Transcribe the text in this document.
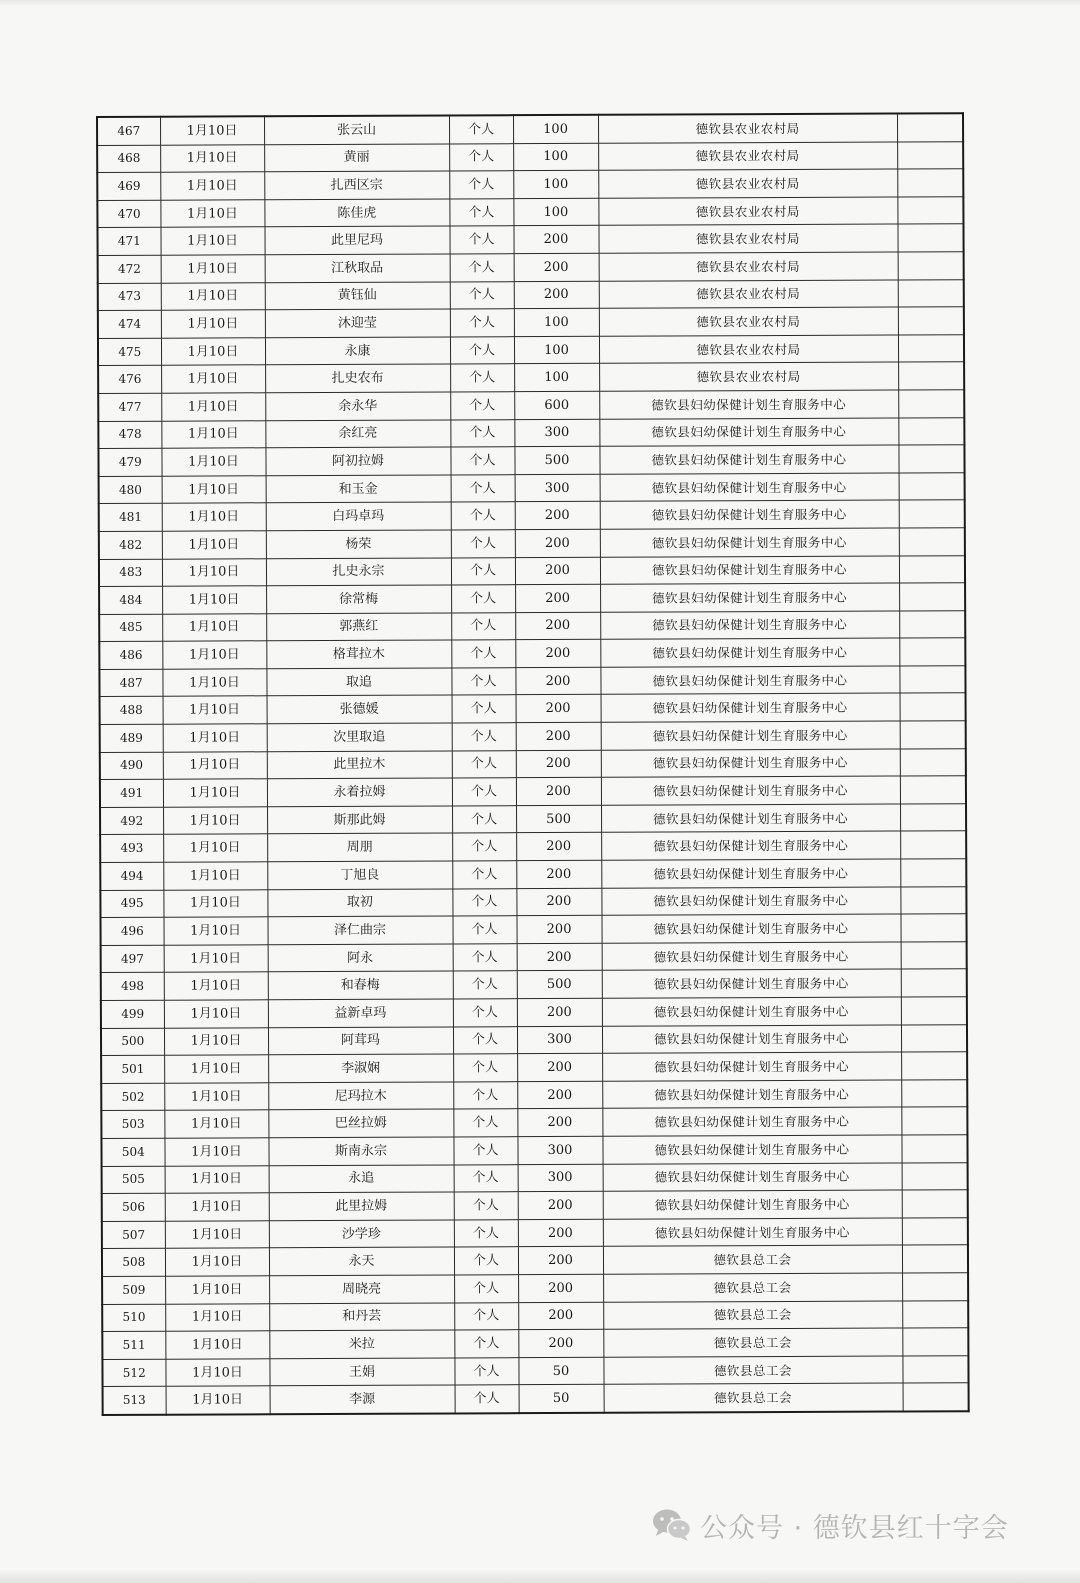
467	1月10日	张云山	个人	100	德钦县农业农村局	
468	1月10日	黄丽	个人	100	德钦县农业农村局	
469	1月10日	扎西区宗	个人	100	德钦县农业农村局	
470	1月10日	陈佳虎	个人	100	德钦县农业农村局	
471	1月10日	此里尼玛	个人	200	德钦县农业农村局	
472	1月10日	江秋取品	个人	200	德钦县农业农村局	
473	1月10日	黄钰仙	个人	200	德钦县农业农村局	
474	1月10日	沐迎莹	个人	100	德钦县农业农村局	
475	1月10日	永康	个人	100	德钦县农业农村局	
476	1月10日	扎史农布	个人	100	德钦县农业农村局	
477	1月10日	余永华	个人	600	德钦县妇幼保健计划生育服务中心	
478	1月10日	余红亮	个人	300	德钦县妇幼保健计划生育服务中心	
479	1月10日	阿初拉姆	个人	500	德钦县妇幼保健计划生育服务中心	
480	1月10日	和玉金	个人	300	德钦县妇幼保健计划生育服务中心	
481	1月10日	白玛卓玛	个人	200	德钦县妇幼保健计划生育服务中心	
482	1月10日	杨荣	个人	200	德钦县妇幼保健计划生育服务中心	
483	1月10日	扎史永宗	个人	200	德钦县妇幼保健计划生育服务中心	
484	1月10日	徐常梅	个人	200	德钦县妇幼保健计划生育服务中心	
485	1月10日	郭燕红	个人	200	德钦县妇幼保健计划生育服务中心	
486	1月10日	格茸拉木	个人	200	德钦县妇幼保健计划生育服务中心	
487	1月10日	取追	个人	200	德钦县妇幼保健计划生育服务中心	
488	1月10日	张德媛	个人	200	德钦县妇幼保健计划生育服务中心	
489	1月10日	次里取追	个人	200	德钦县妇幼保健计划生育服务中心	
490	1月10日	此里拉木	个人	200	德钦县妇幼保健计划生育服务中心	
491	1月10日	永着拉姆	个人	200	德钦县妇幼保健计划生育服务中心	
492	1月10日	斯那此姆	个人	500	德钦县妇幼保健计划生育服务中心	
493	1月10日	周朋	个人	200	德钦县妇幼保健计划生育服务中心	
494	1月10日	丁旭良	个人	200	德钦县妇幼保健计划生育服务中心	
495	1月10日	取初	个人	200	德钦县妇幼保健计划生育服务中心	
496	1月10日	泽仁曲宗	个人	200	德钦县妇幼保健计划生育服务中心	
497	1月10日	阿永	个人	200	德钦县妇幼保健计划生育服务中心	
498	1月10日	和春梅	个人	500	德钦县妇幼保健计划生育服务中心	
499	1月10日	益新卓玛	个人	200	德钦县妇幼保健计划生育服务中心	
500	1月10日	阿茸玛	个人	300	德钦县妇幼保健计划生育服务中心	
501	1月10日	李淑娴	个人	200	德钦县妇幼保健计划生育服务中心	
502	1月10日	尼玛拉木	个人	200	德钦县妇幼保健计划生育服务中心	
503	1月10日	巴丝拉姆	个人	200	德钦县妇幼保健计划生育服务中心	
504	1月10日	斯南永宗	个人	300	德钦县妇幼保健计划生育服务中心	
505	1月10日	永追	个人	300	德钦县妇幼保健计划生育服务中心	
506	1月10日	此里拉姆	个人	200	德钦县妇幼保健计划生育服务中心	
507	1月10日	沙学珍	个人	200	德钦县妇幼保健计划生育服务中心	
508	1月10日	永天	个人	200	德钦县总工会	
509	1月10日	周晓亮	个人	200	德钦县总工会	
510	1月10日	和丹芸	个人	200	德钦县总工会	
511	1月10日	米拉	个人	200	德钦县总工会	
512	1月10日	王娟	个人	50	德钦县总工会	
513	1月10日	李源	个人	50	德钦县总工会	
公众号 · 德钦县红十字会
